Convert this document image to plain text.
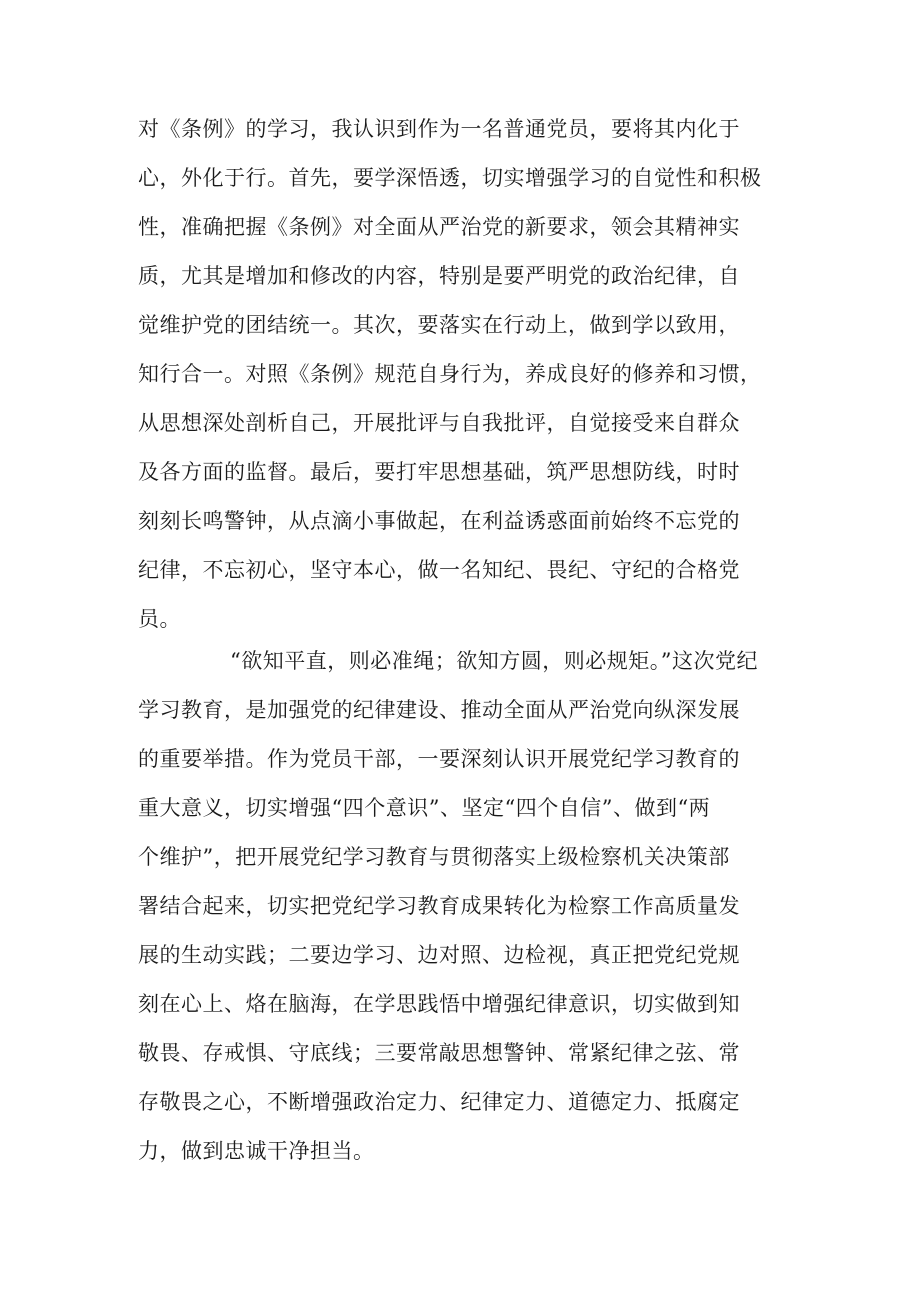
对《条例》的学习，我认识到作为一名普通党员，要将其内化于
心，外化于行。首先，要学深悟透，切实增强学习的自觉性和积极
性，准确把握《条例》对全面从严治党的新要求，领会其精神实
质，尤其是增加和修改的内容，特别是要严明党的政治纪律，自
觉维护党的团结统一。其次，要落实在行动上，做到学以致用，
知行合一。对照《条例》规范自身行为，养成良好的修养和习惯，
从思想深处剖析自己，开展批评与自我批评，自觉接受来自群众
及各方面的监督。最后，要打牢思想基础，筑严思想防线，时时
刻刻长鸣警钟，从点滴小事做起，在利益诱惑面前始终不忘党的
纪律，不忘初心，坚守本心，做一名知纪、畏纪、守纪的合格党
员。
“欲知平直，则必准绳；欲知方圆，则必规矩。”这次党纪
学习教育，是加强党的纪律建设、推动全面从严治党向纵深发展
的重要举措。作为党员干部，一要深刻认识开展党纪学习教育的
重大意义，切实增强“四个意识”、坚定“四个自信”、做到“两
个维护”，把开展党纪学习教育与贯彻落实上级检察机关决策部
署结合起来，切实把党纪学习教育成果转化为检察工作高质量发
展的生动实践；二要边学习、边对照、边检视，真正把党纪党规
刻在心上、烙在脑海，在学思践悟中增强纪律意识，切实做到知
敬畏、存戒惧、守底线；三要常敲思想警钟、常紧纪律之弦、常
存敬畏之心，不断增强政治定力、纪律定力、道德定力、抵腐定
力，做到忠诚干净担当。
